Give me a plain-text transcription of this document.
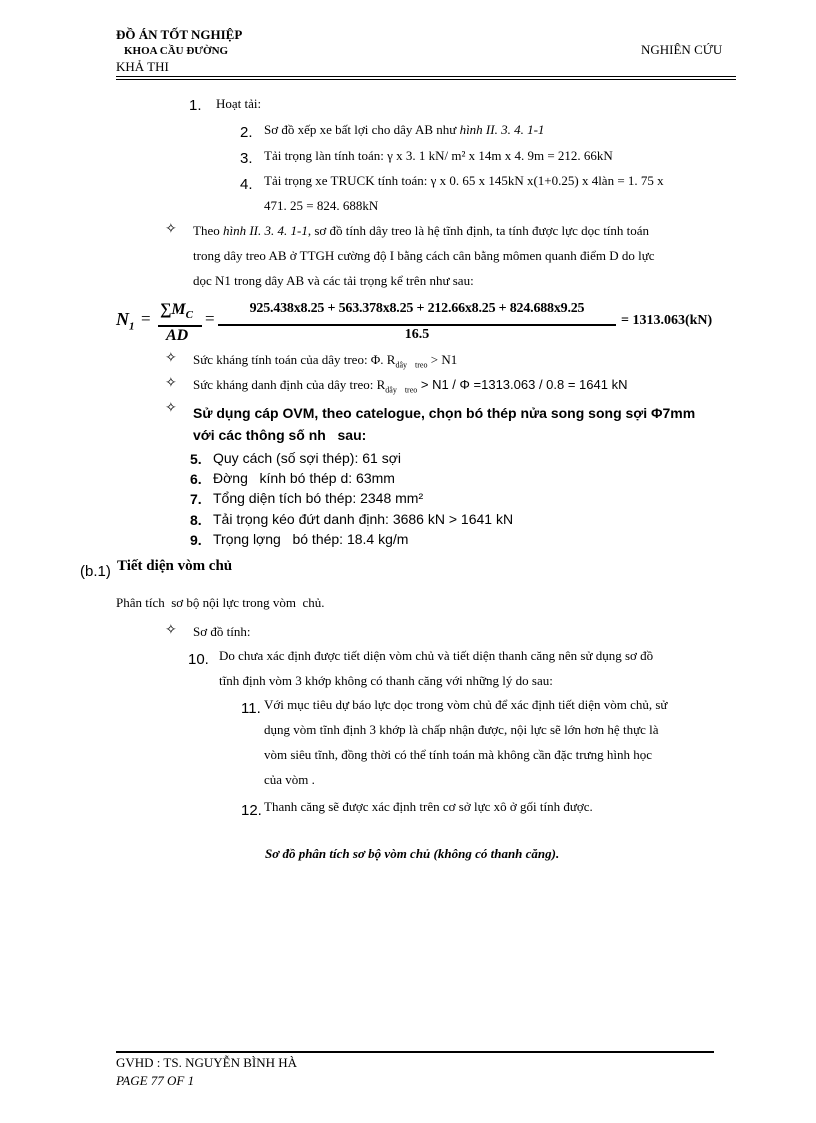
ĐỒ ÁN TỐT NGHIỆP
KHOA CẦU ĐƯỜNG
KHẢ THI
NGHIÊN CỨU
1. Hoạt tải:
2. Sơ đồ xếp xe bất lợi cho dây AB như hình II. 3. 4. 1-1
3. Tải trọng làn tính toán: γ x 3. 1 kN/ m² x 14m x 4. 9m = 212. 66kN
4. Tải trọng xe TRUCK tính toán: γ x 0. 65 x 145kN x(1+0.25) x 4làn = 1. 75 x
471. 25 = 824. 688kN
✧ Theo hình II. 3. 4. 1-1, sơ đồ tính dây treo là hệ tĩnh định, ta tính được lực dọc tính toán
trong dây treo AB ở TTGH cường độ I bằng cách cân bằng mômen quanh điểm D do lực
dọc N1 trong dây AB và các tải trọng kể trên như sau:
$N_1 = \sum M_C$
AD
=
925.438x8.25 + 563.378x8.25 + 212.66x8.25 + 824.688x9.25
16.5
= 1313.063(kN)
✧ Sức kháng tính toán của dây treo: Φ. $R_{dây treo} > N1$
✧ Sức kháng danh định của dây treo: $R_{dây treo} > N1 / \Phi =1313.063 / 0.8 = 1641$ kN
✧ Sử dụng cáp OVM, theo catelogue, chọn bó thép nửa song song sợi Φ7mm
với các thông số nh   sau:
5. Quy cách (số sợi thép): 61 sợi
6. Đờng   kính bó thép d: 63mm
7. Tổng diện tích bó thép: 2348 mm²
8. Tải trọng kéo đứt danh định: 3686 kN > 1641 kN
9. Trọng lợng   bó thép: 18.4 kg/m
(b.1) Tiết diện vòm chủ
Phân tích  sơ bộ nội lực trong vòm  chủ.
✧ Sơ đồ tính:
10. Do chưa xác định được tiết diện vòm chủ và tiết diện thanh căng nên sử dụng sơ đồ
tĩnh định vòm 3 khớp không có thanh căng với những lý do sau:
11. Với mục tiêu dự báo lực dọc trong vòm chủ để xác định tiết diện vòm chủ, sử
dụng vòm tĩnh định 3 khớp là chấp nhận được, nội lực sẽ lớn hơn hệ thực là
vòm siêu tĩnh, đồng thời có thể tính toán mà không cần đặc trưng hình học
của vòm .
12. Thanh căng sẽ được xác định trên cơ sở lực xô ở gối tính được.
Sơ đồ phân tích sơ bộ vòm chủ (không có thanh căng).
GVHD : TS. NGUYỄN BÌNH HÀ
PAGE 77 OF 1
